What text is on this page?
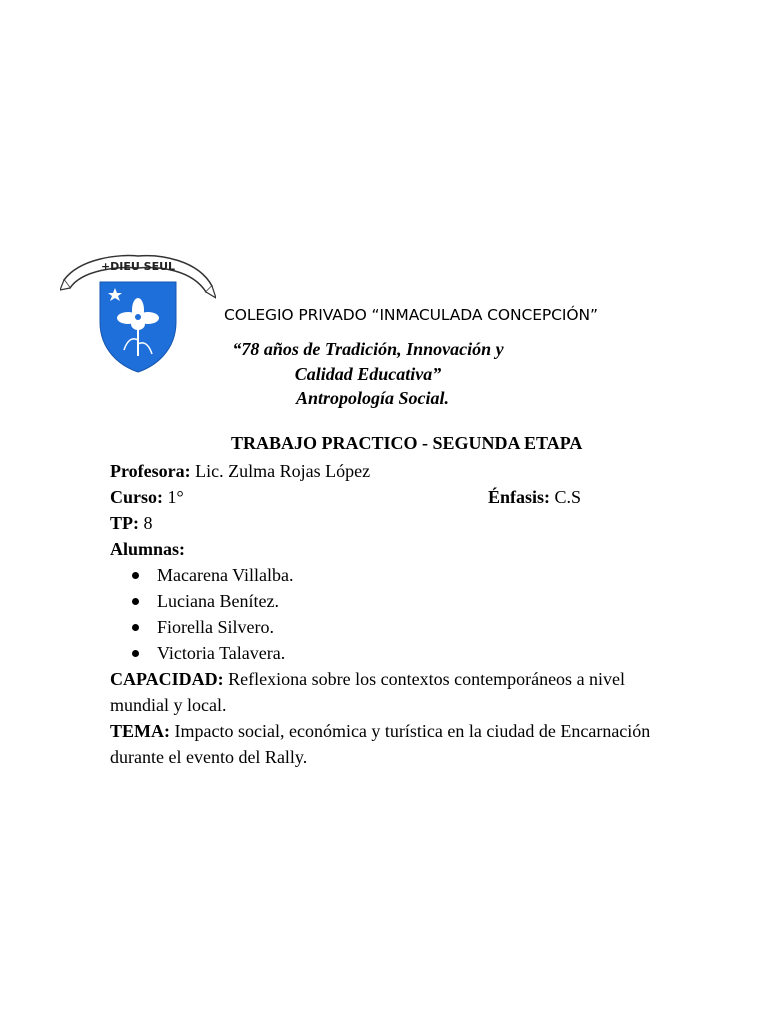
+DIEU SEUL
COLEGIO PRIVADO “INMACULADA CONCEPCIÓN”
“78 años de Tradición, Innovación y Calidad Educativa”
Antropología Social.
TRABAJO PRACTICO - SEGUNDA ETAPA
Profesora: Lic. Zulma Rojas López
Curso: 1°	Énfasis: C.S
TP: 8
Alumnas:
Macarena Villalba.
Luciana Benítez.
Fiorella Silvero.
Victoria Talavera.
CAPACIDAD: Reflexiona sobre los contextos contemporáneos a nivel mundial y local.
TEMA: Impacto social, económica y turística en la ciudad de Encarnación durante el evento del Rally.
